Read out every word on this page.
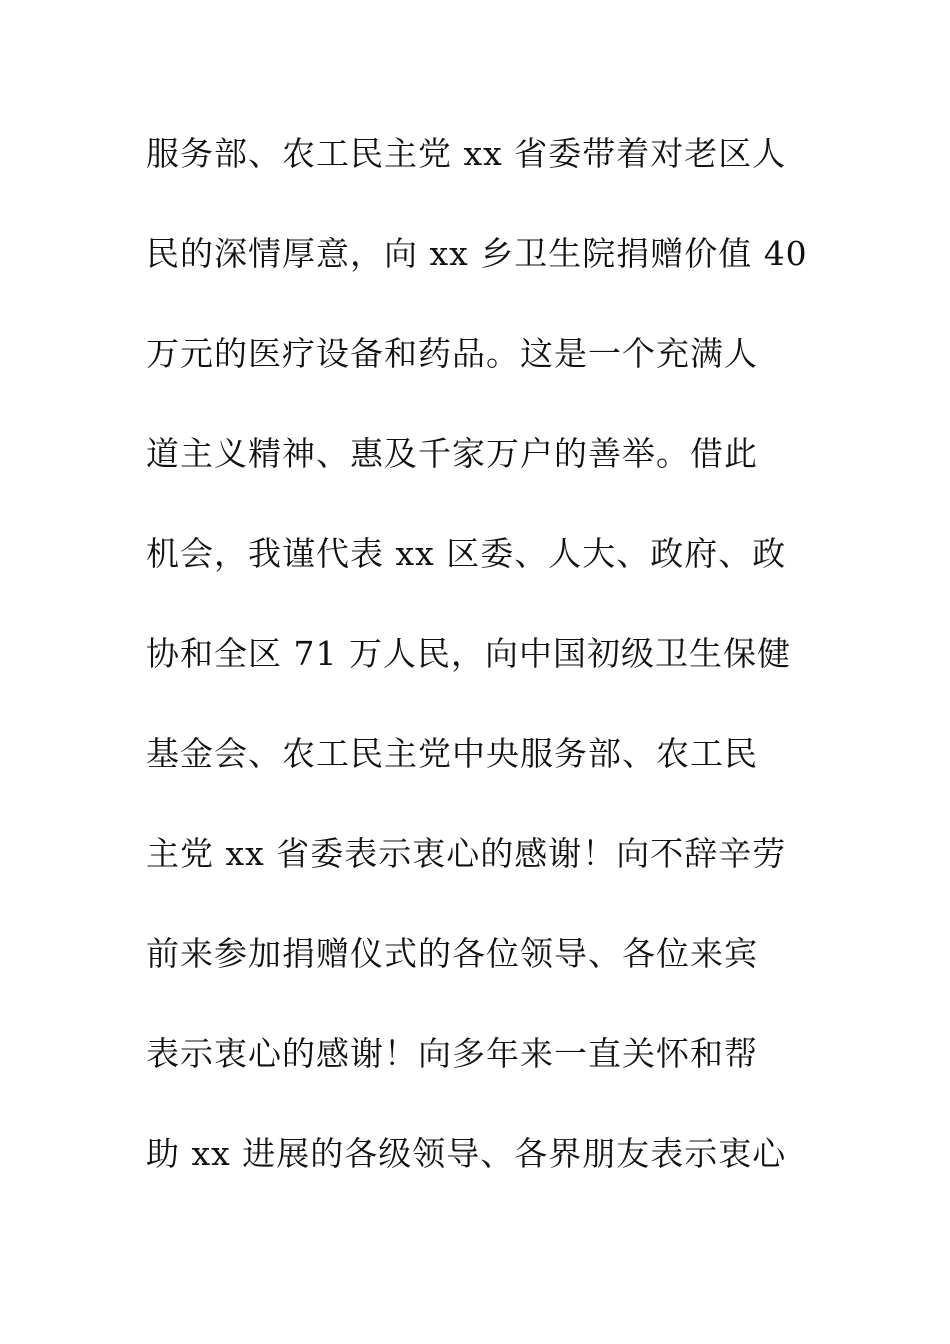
服务部、农工民主党 xx 省委带着对老区人
民的深情厚意，向 xx 乡卫生院捐赠价值 40
万元的医疗设备和药品。这是一个充满人
道主义精神、惠及千家万户的善举。借此
机会，我谨代表 xx 区委、人大、政府、政
协和全区 71 万人民，向中国初级卫生保健
基金会、农工民主党中央服务部、农工民
主党 xx 省委表示衷心的感谢！向不辞辛劳
前来参加捐赠仪式的各位领导、各位来宾
表示衷心的感谢！向多年来一直关怀和帮
助 xx 进展的各级领导、各界朋友表示衷心
